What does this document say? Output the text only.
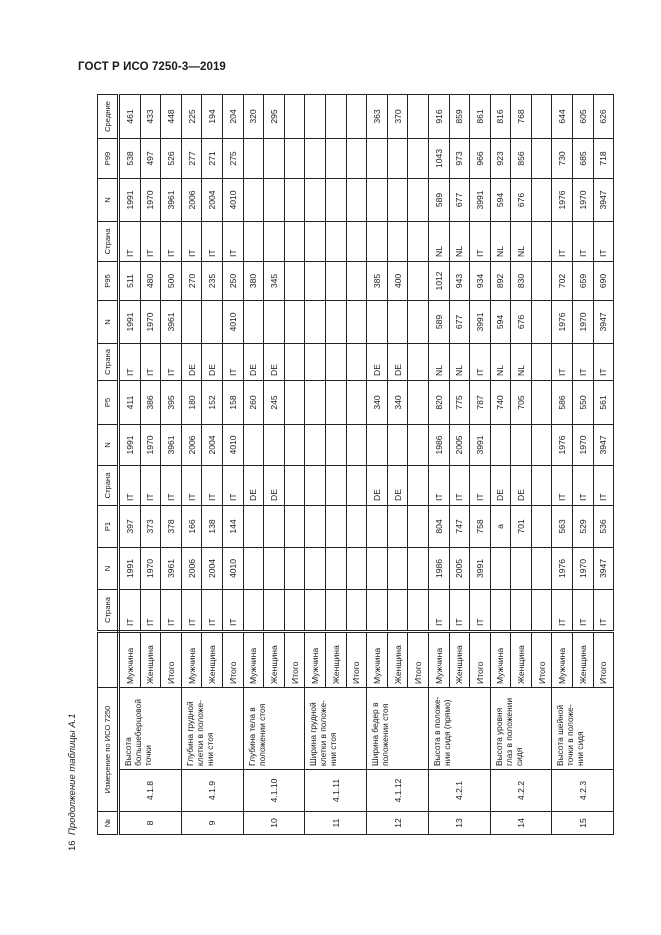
ГОСТ Р ИСО 7250-3—2019
16
Продолжение таблицы А.1	№	Измерение по ИСО 7250			Страна	N	P1	Страна	N	P5	Страна	N	P95	Страна	N	P99	Средние
8	4.1.8	Высота большеберцовой точки	Мужчина	IT	1991	397	IT	1991	411	IT	1991	511	IT	1991	538	461
			Женщина	IT	1970	373	IT	1970	386	IT	1970	480	IT	1970	497	433
			Итого	IT	3961	378	IT	3961	395	IT	3961	500	IT	3961	526	448
9	4.1.9	Глубина грудной клетки в положе-нии стоя	Мужчина	IT	2006	166	IT	2006	180	DE		270	IT	2006	277	225
			Женщина	IT	2004	138	IT	2004	152	DE		235	IT	2004	271	194
			Итого	IT	4010	144	IT	4010	158	IT	4010	250	IT	4010	275	204
10	4.1.10	Глубина тела в положении стоя	Мужчина				DE		260	DE		380				320
			Женщина				DE		245	DE		345				295
			Итого													
11	4.1.11	Ширина грудной клетки в положе-нии стоя	Мужчина													
			Женщина													
			Итого													
12	4.1.12	Ширина бедер в положении стоя	Мужчина				DE		340	DE		385				363
			Женщина				DE		340	DE		400				370
			Итого													
13	4.2.1	Высота в положе-нии сидя (прямо)	Мужчина	IT	1986	804	IT	1986	820	NL	589	1012	NL	589	1043	916
			Женщина	IT	2005	747	IT	2005	775	NL	677	943	NL	677	973	859
			Итого	IT	3991	758	IT	3991	787	IT	3991	934	IT	3991	966	861
14	4.2.2	Высота уровня глаз в положении сидя	Мужчина			a	DE		740	NL	594	892	NL	594	923	816
			Женщина			701	DE		705	NL	676	830	NL	676	856	768
			Итого													
15	4.2.3	Высота шейной точки в положе-нии сидя	Мужчина	IT	1976	563	IT	1976	586	IT	1976	702	IT	1976	730	644
			Женщина	IT	1970	529	IT	1970	550	IT	1970	659	IT	1970	685	605
			Итого	IT	3947	536	IT	3947	561	IT	3947	690	IT	3947	718	626
